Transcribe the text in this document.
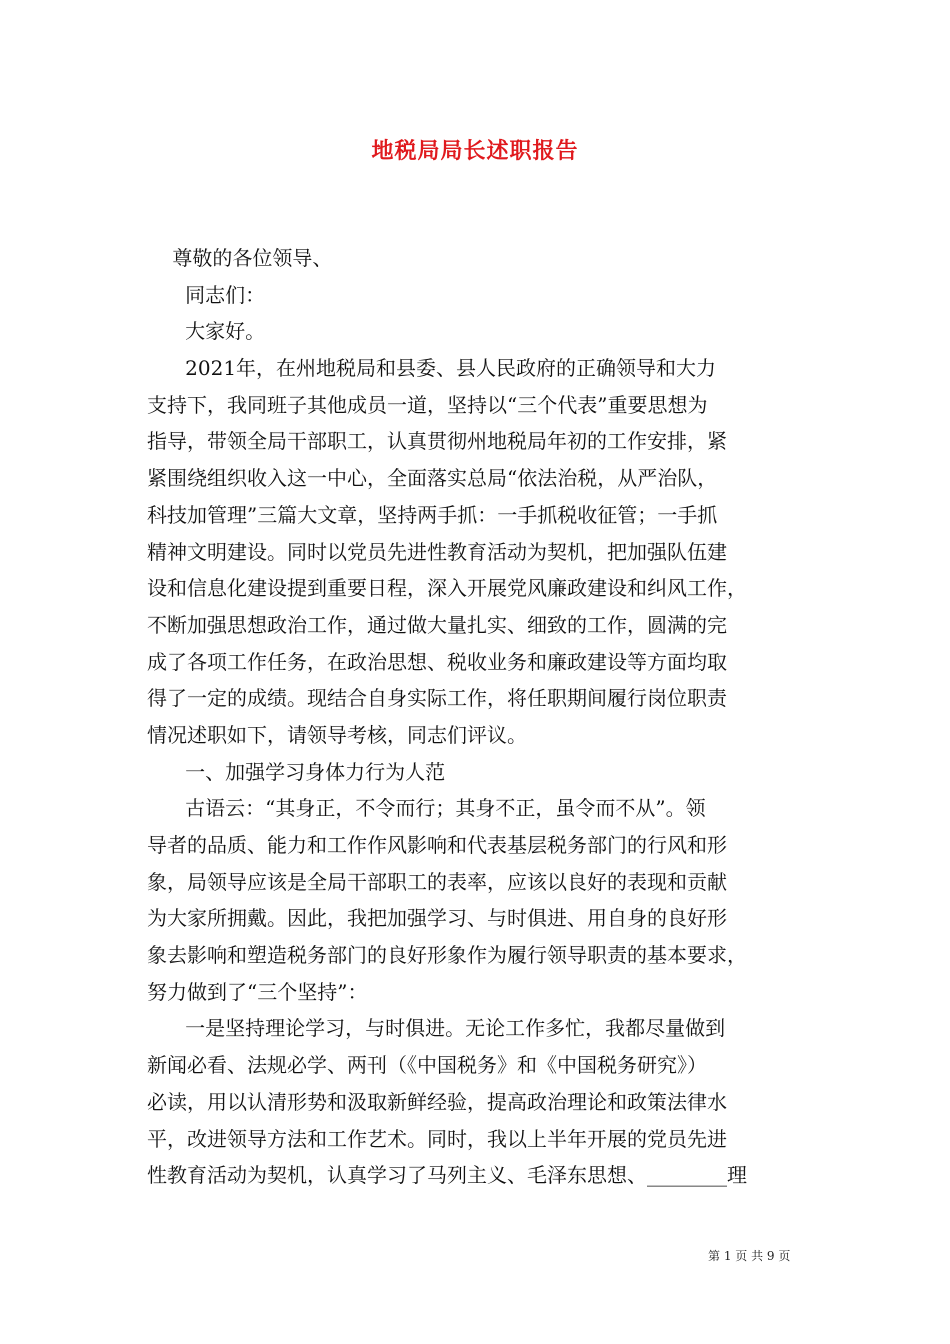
地税局局长述职报告
尊敬的各位领导、
同志们：
大家好。
2021年，在州地税局和县委、县人民政府的正确领导和大力
支持下，我同班子其他成员一道，坚持以“三个代表”重要思想为
指导，带领全局干部职工，认真贯彻州地税局年初的工作安排，紧
紧围绕组织收入这一中心，全面落实总局“依法治税，从严治队，
科技加管理”三篇大文章，坚持两手抓：一手抓税收征管；一手抓
精神文明建设。同时以党员先进性教育活动为契机，把加强队伍建
设和信息化建设提到重要日程，深入开展党风廉政建设和纠风工作，
不断加强思想政治工作，通过做大量扎实、细致的工作，圆满的完
成了各项工作任务，在政治思想、税收业务和廉政建设等方面均取
得了一定的成绩。现结合自身实际工作，将任职期间履行岗位职责
情况述职如下，请领导考核，同志们评议。
一、加强学习身体力行为人范
古语云：“其身正，不令而行；其身不正，虽令而不从”。领
导者的品质、能力和工作作风影响和代表基层税务部门的行风和形
象，局领导应该是全局干部职工的表率，应该以良好的表现和贡献
为大家所拥戴。因此，我把加强学习、与时俱进、用自身的良好形
象去影响和塑造税务部门的良好形象作为履行领导职责的基本要求，
努力做到了“三个坚持”：
一是坚持理论学习，与时俱进。无论工作多忙，我都尽量做到
新闻必看、法规必学、两刊（《中国税务》和《中国税务研究》）
必读，用以认清形势和汲取新鲜经验，提高政治理论和政策法律水
平，改进领导方法和工作艺术。同时，我以上半年开展的党员先进
性教育活动为契机，认真学习了马列主义、毛泽东思想、________理
第 1 页 共 9 页
